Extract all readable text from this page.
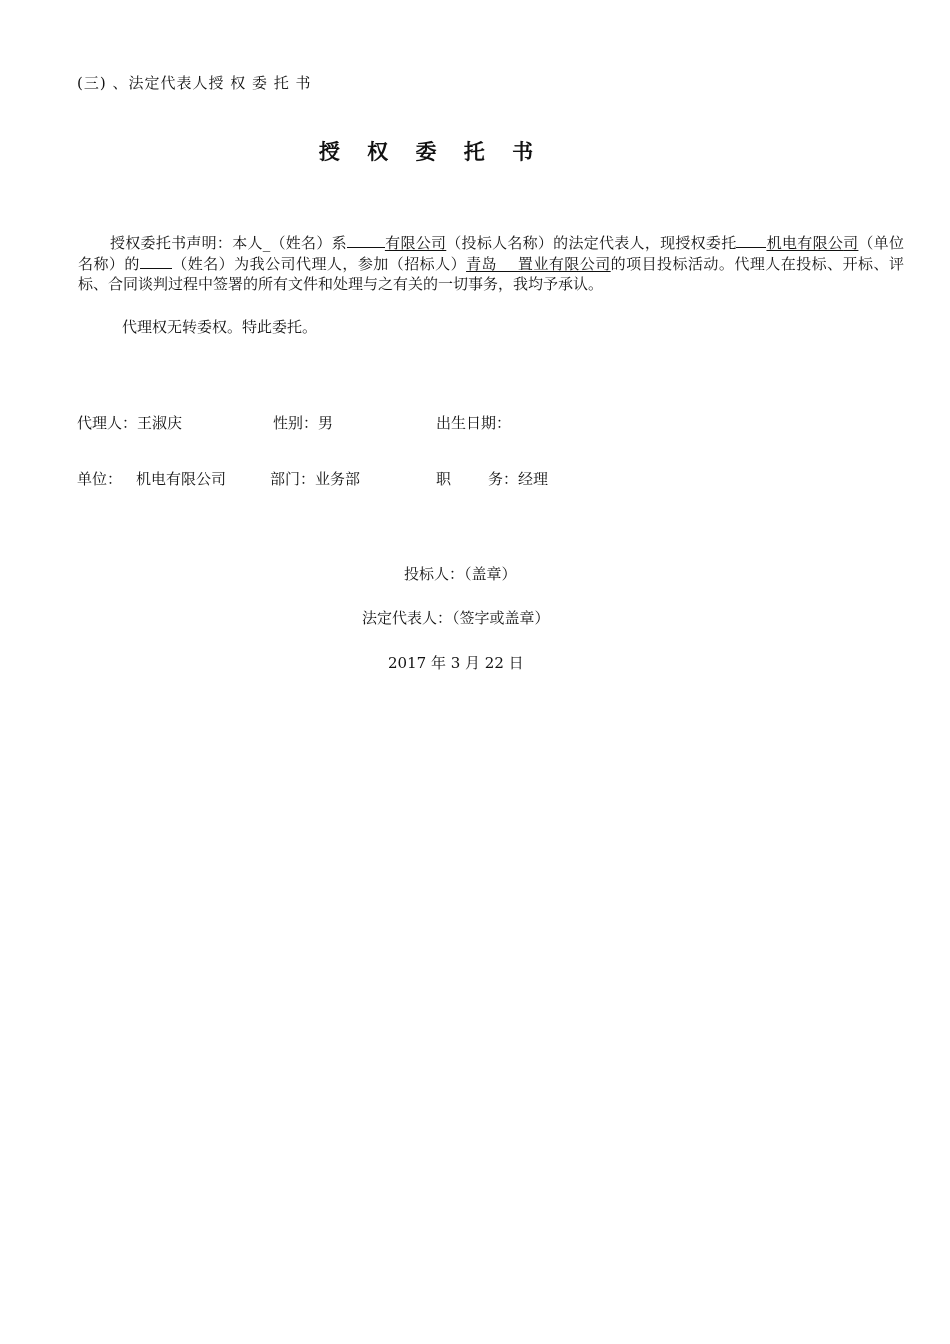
(三) 、法定代表人授 权 委 托 书
授 权 委 托 书
授权委托书声明：本人_（姓名）系	有限公司（投标人名称）的法定代表人，现授权委托 机电有限公司（单位名称）的 （姓名）为我公司代理人，参加（招标人）青岛    置业有限公司的项目投标活动。代理人在投标、开标、评标、合同谈判过程中签署的所有文件和处理与之有关的一切事务，我均予承认。
代理权无转委权。特此委托。
代理人：王淑庆	性别：男	出生日期：
单位： 机电有限公司	部门：业务部	职 务：经理
投标人：（盖章）
法定代表人：（签字或盖章）
2017 年 3 月 22 日
